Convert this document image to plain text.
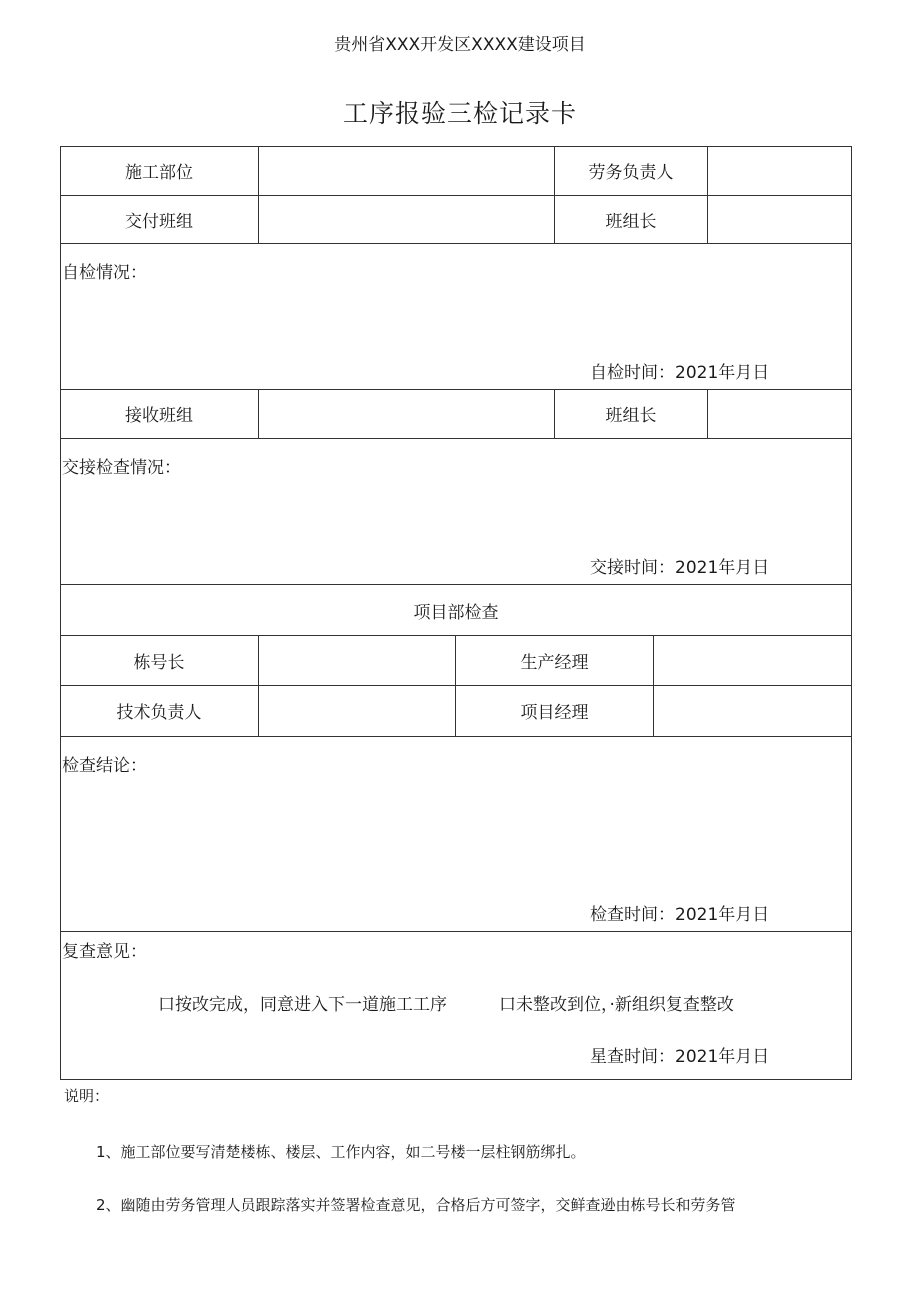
贵州省XXX开发区XXXX建设项目
工序报验三检记录卡
施工部位	劳务负责人
交付班组	班组长
自检情况：
自检时间：2021年月日
接收班组	班组长
交接检查情况：
交接时间：2021年月日
项目部检查
栋号长	生产经理
技术负责人	项目经理
检查结论：
检查时间：2021年月日
复查意见：
口按改完成，同意进入下一道施工工序	口未整改到位，·新组织复查整改
星查时间：2021年月日
说明：
1、施工部位要写清楚楼栋、楼层、工作内容，如二号楼一层柱钢筋绑扎。
2、幽随由劳务管理人员跟踪落实并签署检查意见，合格后方可签字，交鲜查逊由栋号长和劳务管
